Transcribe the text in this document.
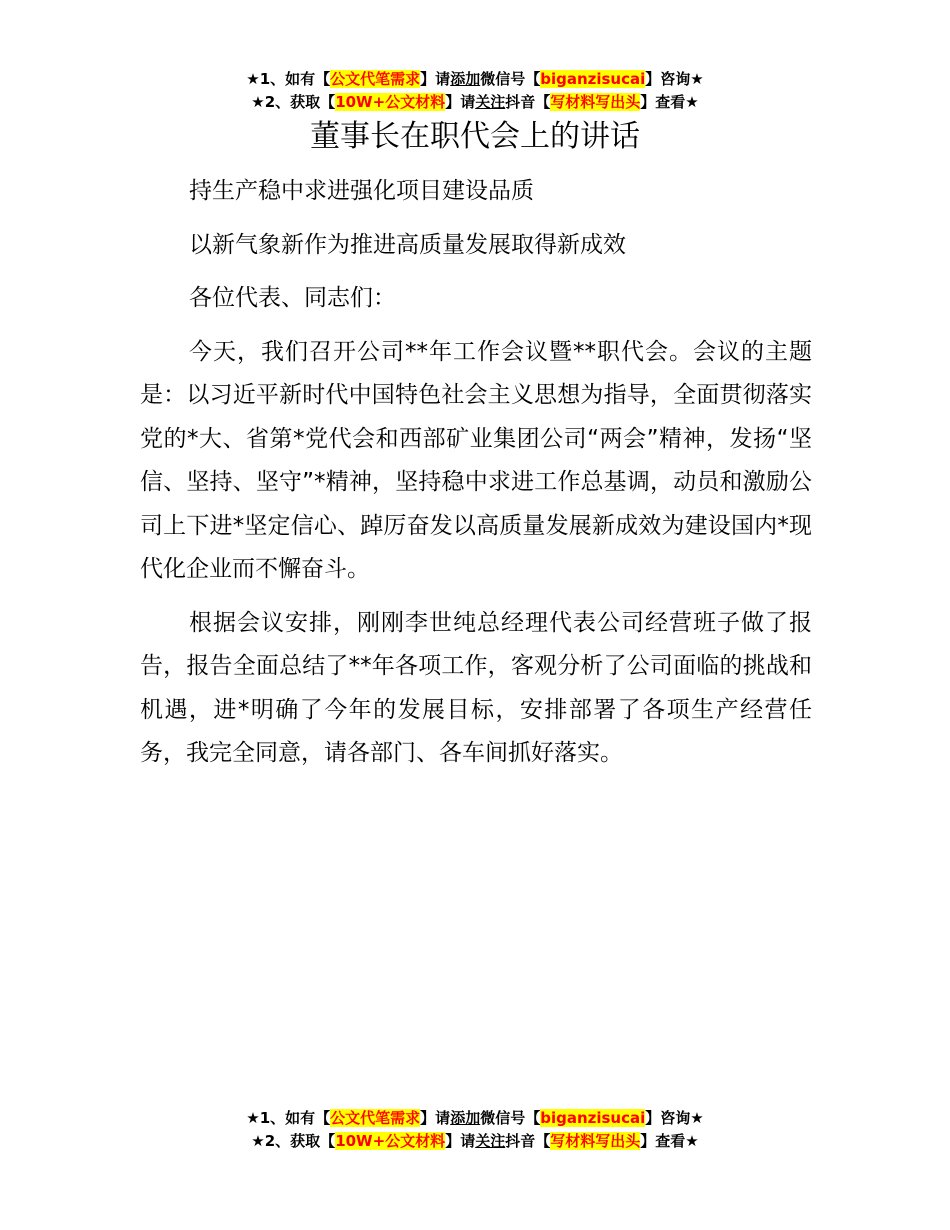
★1、如有【公文代笔需求】请添加微信号【biganzisucai】咨询★
★2、获取【10W+公文材料】请关注抖音【写材料写出头】查看★
董事长在职代会上的讲话

持生产稳中求进强化项目建设品质

以新气象新作为推进高质量发展取得新成效

各位代表、同志们：

今天，我们召开公司**年工作会议暨**职代会。会议的主题是：以习近平新时代中国特色社会主义思想为指导，全面贯彻落实党的*大、省第*党代会和西部矿业集团公司“两会”精神，发扬“坚信、坚持、坚守”*精神，坚持稳中求进工作总基调，动员和激励公司上下进*坚定信心、踔厉奋发以高质量发展新成效为建设国内*现代化企业而不懈奋斗。

根据会议安排，刚刚李世纯总经理代表公司经营班子做了报告，报告全面总结了**年各项工作，客观分析了公司面临的挑战和机遇，进*明确了今年的发展目标，安排部署了各项生产经营任务，我完全同意，请各部门、各车间抓好落实。

★1、如有【公文代笔需求】请添加微信号【biganzisucai】咨询★
★2、获取【10W+公文材料】请关注抖音【写材料写出头】查看★
